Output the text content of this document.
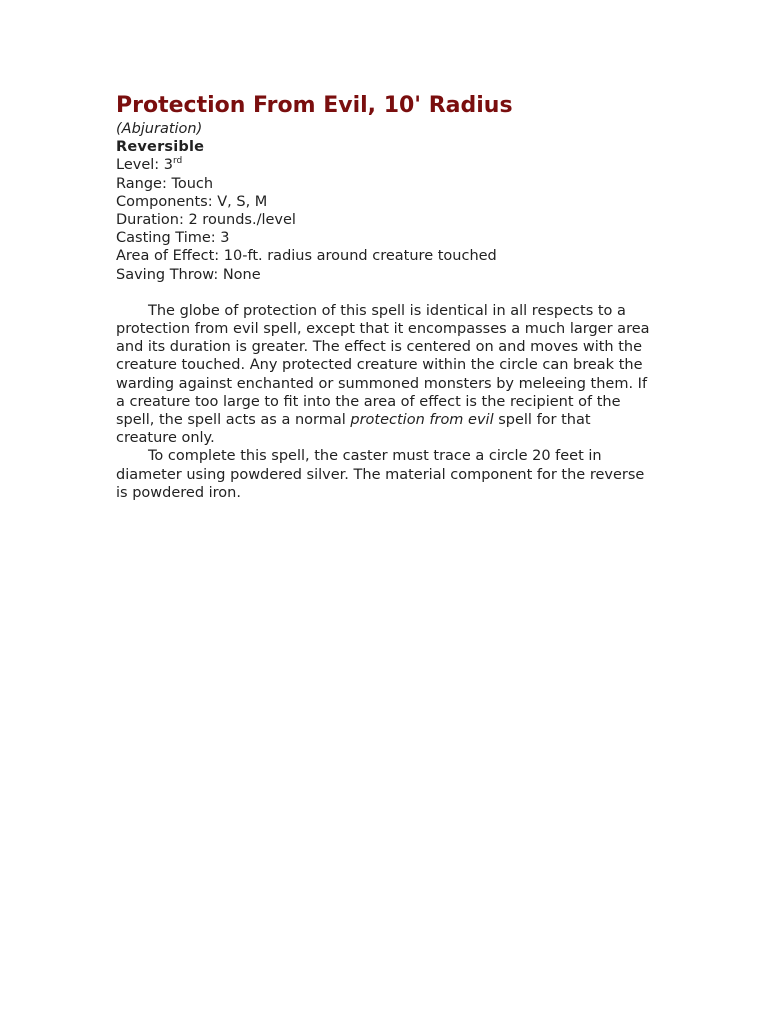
Protection From Evil, 10' Radius
(Abjuration)
Reversible
Level: 3rd
Range: Touch
Components: V, S, M
Duration: 2 rounds./level
Casting Time: 3
Area of Effect: 10-ft. radius around creature touched
Saving Throw: None

The globe of protection of this spell is identical in all respects to a protection from evil spell, except that it encompasses a much larger area and its duration is greater. The effect is centered on and moves with the creature touched. Any protected creature within the circle can break the warding against enchanted or summoned monsters by meleeing them. If a creature too large to fit into the area of effect is the recipient of the spell, the spell acts as a normal protection from evil spell for that creature only.

To complete this spell, the caster must trace a circle 20 feet in diameter using powdered silver. The material component for the reverse is powdered iron.
